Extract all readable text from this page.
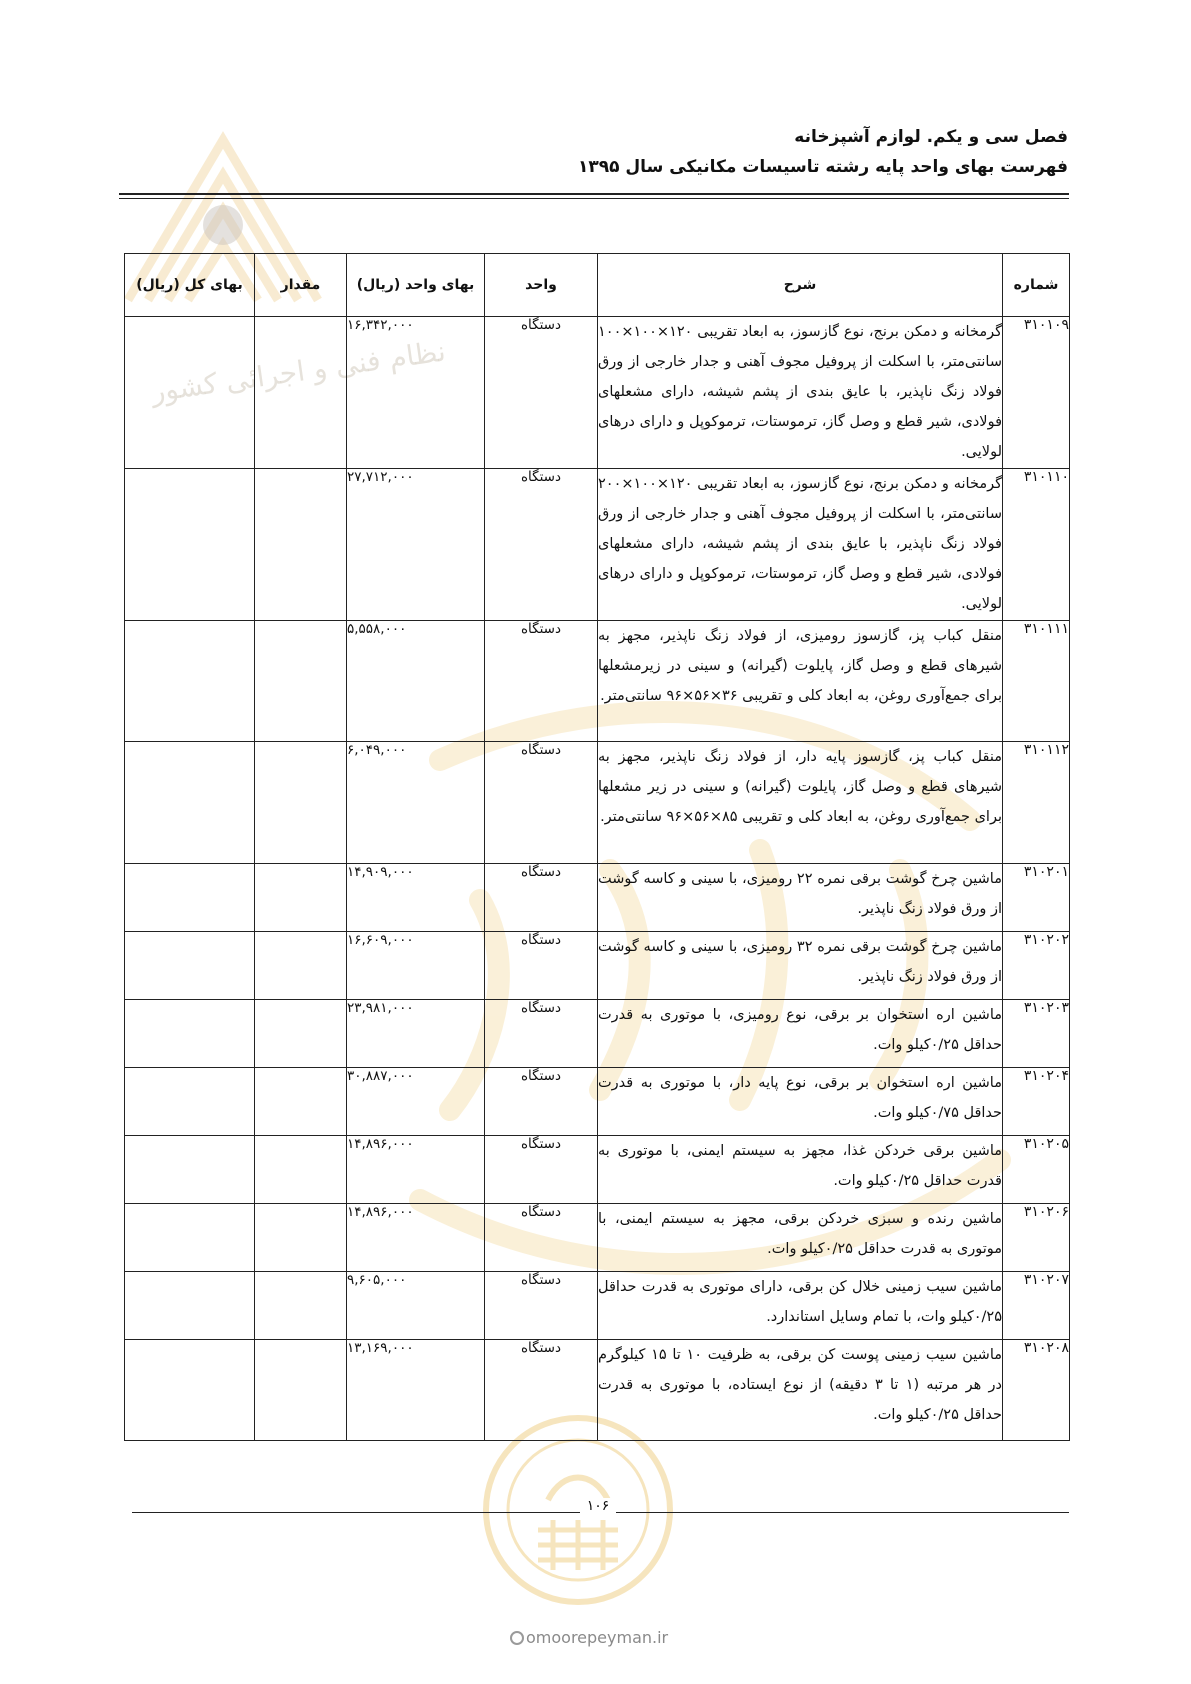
نظام فنی و اجرائی کشور
فصل سی و یکم. لوازم آشپزخانه
فهرست بهای واحد پایه رشته تاسیسات مکانیکی سال ۱۳۹۵
شماره	شرح	واحد	بهای واحد (ریال)	مقدار	بهای کل (ریال)
۳۱۰۱۰۹	گرمخانه و دمکن برنج، نوع گازسوز، به ابعاد تقریبی ۱۲۰×۱۰۰×۱۰۰ سانتی‌متر، با اسکلت از پروفیل مجوف آهنی و جدار خارجی از ورق فولاد زنگ ناپذیر، با عایق بندی از پشم شیشه، دارای مشعلهای فولادی، شیر قطع و وصل گاز، ترموستات، ترموکوپل و دارای درهای لولایی.	دستگاه	۱۶,۳۴۲,۰۰۰		
۳۱۰۱۱۰	گرمخانه و دمکن برنج، نوع گازسوز، به ابعاد تقریبی ۱۲۰×۱۰۰×۲۰۰ سانتی‌متر، با اسکلت از پروفیل مجوف آهنی و جدار خارجی از ورق فولاد زنگ ناپذیر، با عایق بندی از پشم شیشه، دارای مشعلهای فولادی، شیر قطع و وصل گاز، ترموستات، ترموکوپل و دارای درهای لولایی.	دستگاه	۲۷,۷۱۲,۰۰۰		
۳۱۰۱۱۱	منقل کباب پز، گازسوز رومیزی، از فولاد زنگ ناپذیر، مجهز به شیرهای قطع و وصل گاز، پایلوت (گیرانه) و سینی در زیرمشعلها برای جمع‌آوری روغن، به ابعاد کلی و تقریبی ۳۶×۵۶×۹۶ سانتی‌متر.	دستگاه	۵,۵۵۸,۰۰۰		
۳۱۰۱۱۲	منقل کباب پز، گازسوز پایه دار، از فولاد زنگ ناپذیر، مجهز به شیرهای قطع و وصل گاز، پایلوت (گیرانه) و سینی در زیر مشعلها برای جمع‌آوری روغن، به ابعاد کلی و تقریبی ۸۵×۵۶×۹۶ سانتی‌متر.	دستگاه	۶,۰۴۹,۰۰۰		
۳۱۰۲۰۱	ماشین چرخ گوشت برقی نمره ۲۲ رومیزی، با سینی و کاسه گوشت از ورق فولاد زنگ ناپذیر.	دستگاه	۱۴,۹۰۹,۰۰۰		
۳۱۰۲۰۲	ماشین چرخ گوشت برقی نمره ۳۲ رومیزی، با سینی و کاسه گوشت از ورق فولاد زنگ ناپذیر.	دستگاه	۱۶,۶۰۹,۰۰۰		
۳۱۰۲۰۳	ماشین اره استخوان بر برقی، نوع رومیزی، با موتوری به قدرت حداقل ۰/۲۵کیلو وات.	دستگاه	۲۳,۹۸۱,۰۰۰		
۳۱۰۲۰۴	ماشین اره استخوان بر برقی، نوع پایه دار، با موتوری به قدرت حداقل ۰/۷۵کیلو وات.	دستگاه	۳۰,۸۸۷,۰۰۰		
۳۱۰۲۰۵	ماشین برقی خردکن غذا، مجهز به سیستم ایمنی، با موتوری به قدرت حداقل ۰/۲۵کیلو وات.	دستگاه	۱۴,۸۹۶,۰۰۰		
۳۱۰۲۰۶	ماشین رنده و سبزی خردکن برقی، مجهز به سیستم ایمنی، با موتوری به قدرت حداقل ۰/۲۵کیلو وات.	دستگاه	۱۴,۸۹۶,۰۰۰		
۳۱۰۲۰۷	ماشین سیب زمینی خلال کن برقی، دارای موتوری به قدرت حداقل ۰/۲۵کیلو وات، با تمام وسایل استاندارد.	دستگاه	۹,۶۰۵,۰۰۰		
۳۱۰۲۰۸	ماشین سیب زمینی پوست کن برقی، به ظرفیت ۱۰ تا ۱۵ کیلوگرم در هر مرتبه (۱ تا ۳ دقیقه) از نوع ایستاده، با موتوری به قدرت حداقل ۰/۲۵کیلو وات.	دستگاه	۱۳,۱۶۹,۰۰۰		
۱۰۶
omoorepeyman.ir
